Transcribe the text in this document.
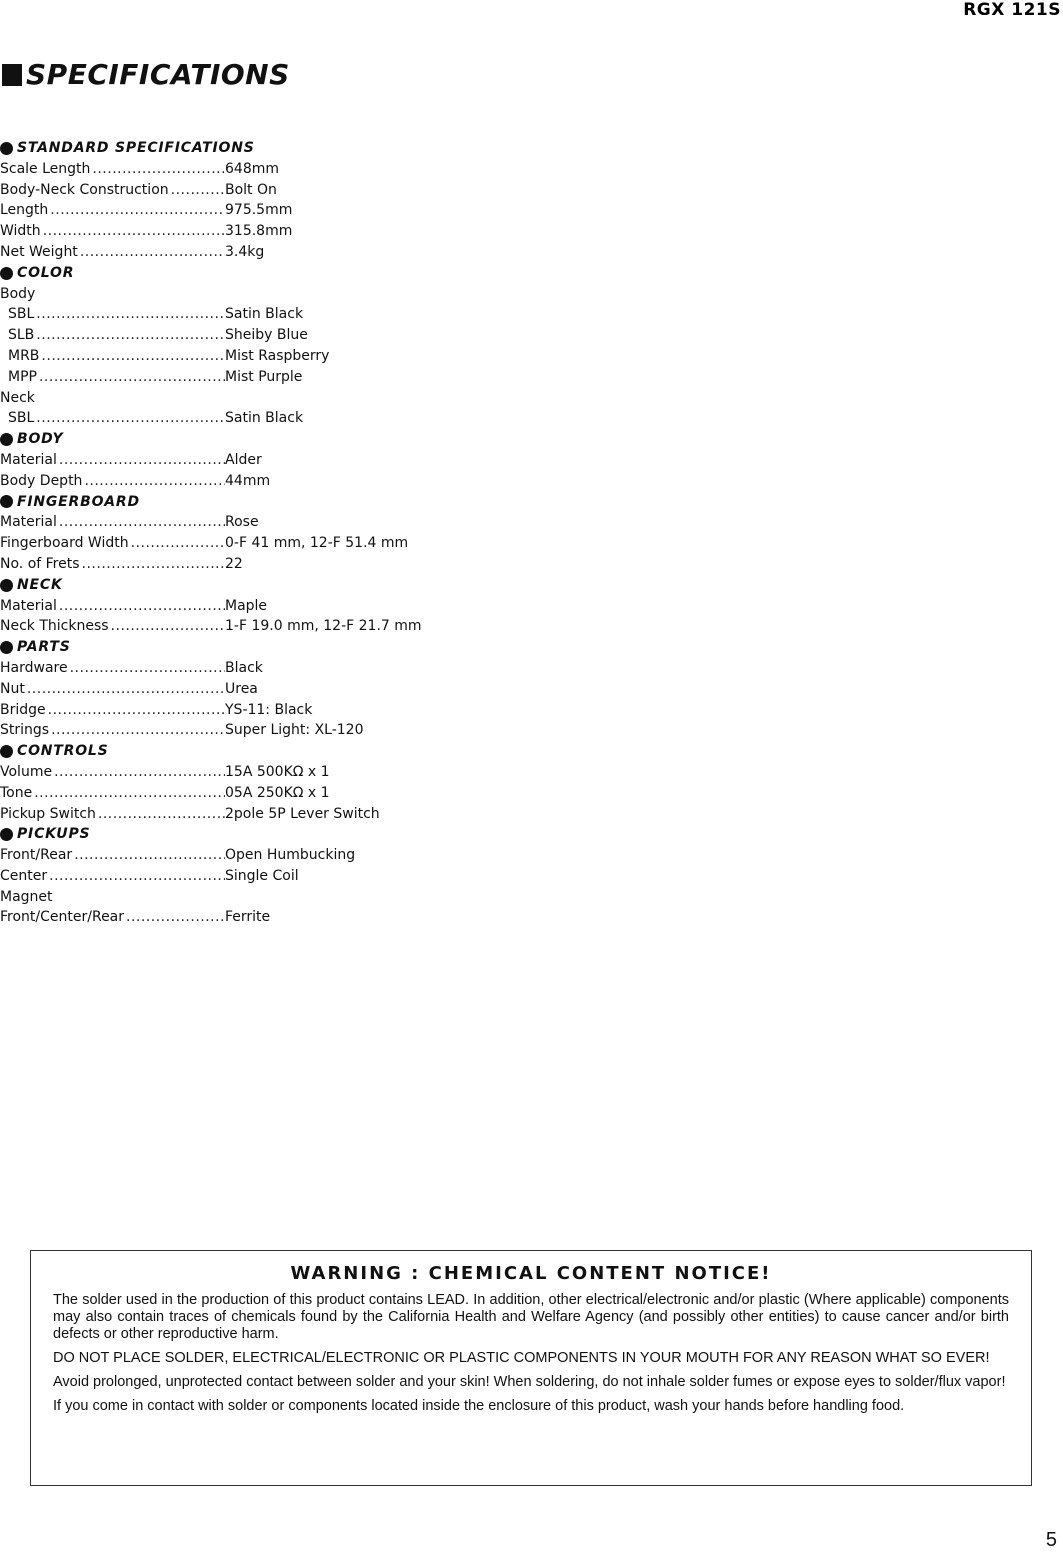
RGX 121S
SPECIFICATIONS
STANDARD SPECIFICATIONS
Scale Length .....	648mm
Body-Neck Construction .....	Bolt On
Length .....	975.5mm
Width .....	315.8mm
Net Weight .....	3.4kg
COLOR
Body
SBL .....	Satin Black
SLB .....	Sheiby Blue
MRB .....	Mist Raspberry
MPP .....	Mist Purple
Neck
SBL .....	Satin Black
BODY
Material .....	Alder
Body Depth .....	44mm
FINGERBOARD
Material .....	Rose
Fingerboard Width .....	0-F 41 mm, 12-F 51.4 mm
No. of Frets .....	22
NECK
Material .....	Maple
Neck Thickness .....	1-F 19.0 mm, 12-F 21.7 mm
PARTS
Hardware .....	Black
Nut .....	Urea
Bridge .....	YS-11: Black
Strings .....	Super Light: XL-120
CONTROLS
Volume .....	15A 500KΩ x 1
Tone .....	05A 250KΩ x 1
Pickup Switch .....	2pole 5P Lever Switch
PICKUPS
Front/Rear .....	Open Humbucking
Center .....	Single Coil
Magnet
Front/Center/Rear .....	Ferrite
WARNING : CHEMICAL CONTENT NOTICE!

The solder used in the production of this product contains LEAD. In addition, other electrical/electronic and/or plastic (Where applicable) components may also contain traces of chemicals found by the California Health and Welfare Agency (and possibly other entities) to cause cancer and/or birth defects or other reproductive harm.

DO NOT PLACE SOLDER, ELECTRICAL/ELECTRONIC OR PLASTIC COMPONENTS IN YOUR MOUTH FOR ANY REASON WHAT SO EVER!

Avoid prolonged, unprotected contact between solder and your skin! When soldering, do not inhale solder fumes or expose eyes to solder/flux vapor!

If you come in contact with solder or components located inside the enclosure of this product, wash your hands before handling food.

5
